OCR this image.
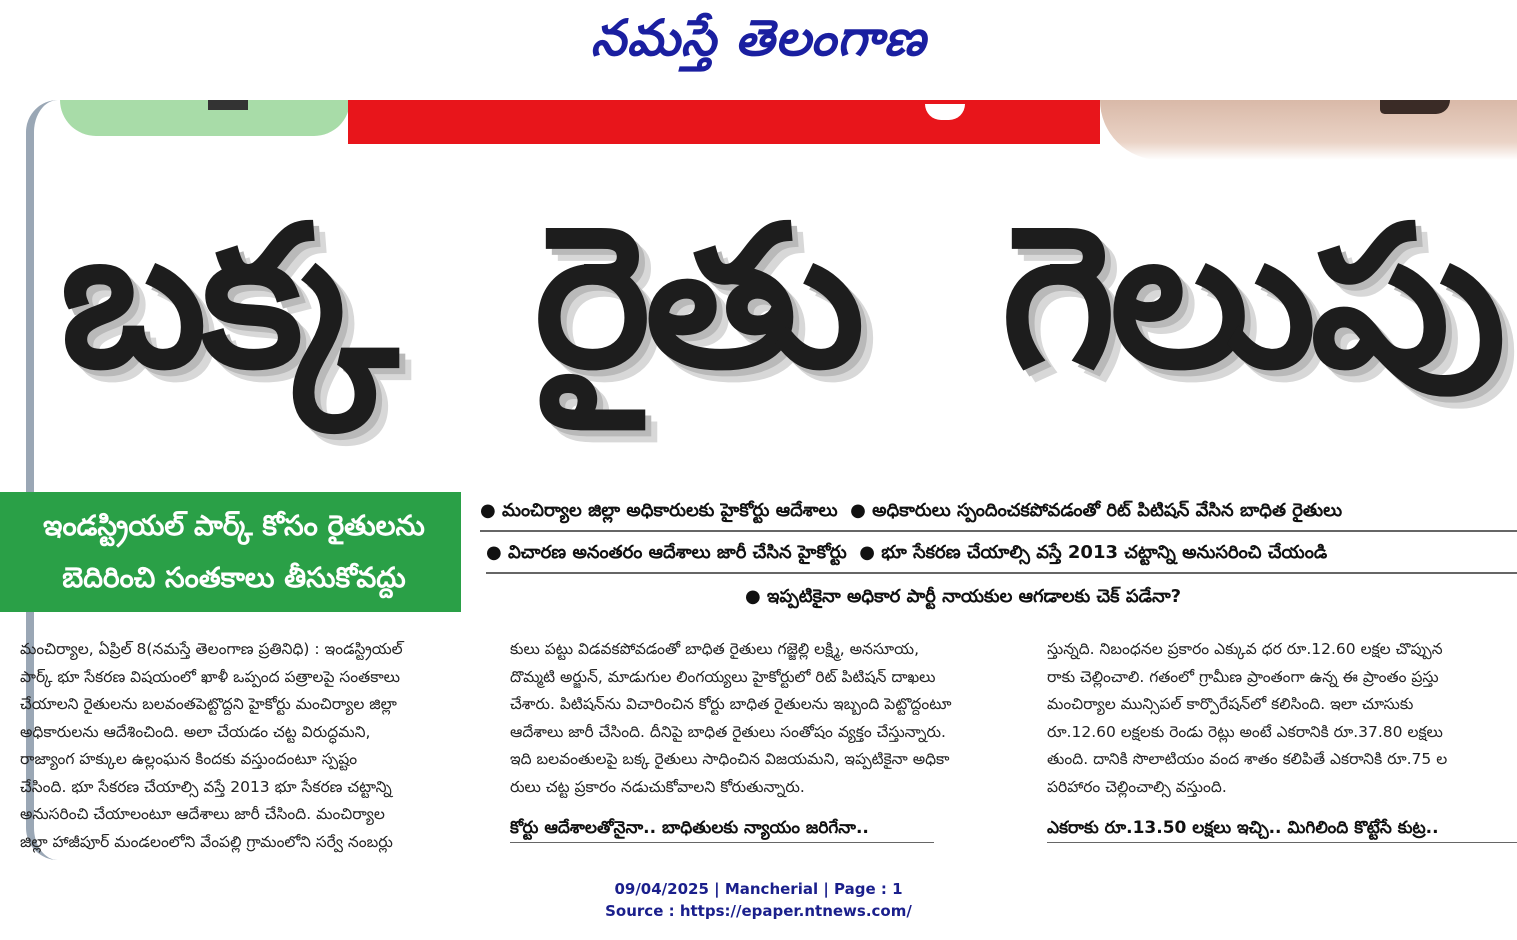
నమస్తే తెలంగాణ
బక్క రైతు గెలుపు
ఇండస్ట్రియల్ పార్క్ కోసం రైతులను
బెదిరించి సంతకాలు తీసుకోవద్దు
● మంచిర్యాల జిల్లా అధికారులకు హైకోర్టు ఆదేశాలు  ● అధికారులు స్పందించకపోవడంతో రిట్ పిటిషన్ వేసిన బాధిత రైతులు
● విచారణ అనంతరం ఆదేశాలు జారీ చేసిన హైకోర్టు  ● భూ సేకరణ చేయాల్సి వస్తే 2013 చట్టాన్ని అనుసరించి చేయండి
● ఇప్పటికైనా అధికార పార్టీ నాయకుల ఆగడాలకు చెక్ పడేనా?

మంచిర్యాల, ఏప్రిల్ 8(నమస్తే తెలంగాణ ప్రతినిధి) : ఇండస్ట్రియల్

పార్క్ భూ సేకరణ విషయంలో ఖాళీ ఒప్పంద పత్రాలపై సంతకాలు

చేయాలని రైతులను బలవంతపెట్టొద్దని హైకోర్టు మంచిర్యాల జిల్లా

అధికారులను ఆదేశించింది. అలా చేయడం చట్ట విరుద్ధమని,

రాజ్యాంగ హక్కుల ఉల్లంఘన కిందకు వస్తుందంటూ స్పష్టం

చేసింది. భూ సేకరణ చేయాల్సి వస్తే 2013 భూ సేకరణ చట్టాన్ని

అనుసరించి చేయాలంటూ ఆదేశాలు జారీ చేసింది. మంచిర్యాల

జిల్లా హాజీపూర్ మండలంలోని వేంపల్లి గ్రామంలోని సర్వే నంబర్లు

కులు పట్టు విడవకపోవడంతో బాధిత రైతులు గజ్జెల్లి లక్ష్మి, అనసూయ,

దొమ్మటి అర్జున్, మాడుగుల లింగయ్యలు హైకోర్టులో రిట్ పిటిషన్ దాఖలు

చేశారు. పిటిషన్‌ను విచారించిన కోర్టు బాధిత రైతులను ఇబ్బంది పెట్టొద్దంటూ

ఆదేశాలు జారీ చేసింది. దీనిపై బాధిత రైతులు సంతోషం వ్యక్తం చేస్తున్నారు.

ఇది బలవంతులపై బక్క రైతులు సాధించిన విజయమని, ఇప్పటికైనా అధికా

రులు చట్ట ప్రకారం నడుచుకోవాలని కోరుతున్నారు.

కోర్టు ఆదేశాలతోనైనా.. బాధితులకు న్యాయం జరిగేనా..

స్తున్నది. నిబంధనల ప్రకారం ఎక్కువ ధర రూ.12.60 లక్షల చొప్పున

రాకు చెల్లించాలి. గతంలో గ్రామీణ ప్రాంతంగా ఉన్న ఈ ప్రాంతం ప్రస్తు

మంచిర్యాల మున్సిపల్ కార్పొరేషన్‌లో కలిసింది. ఇలా చూసుకు

రూ.12.60 లక్షలకు రెండు రెట్లు అంటే ఎకరానికి రూ.37.80 లక్షలు

తుంది. దానికి సొలాటియం వంద శాతం కలిపితే ఎకరానికి రూ.75 ల

పరిహారం చెల్లించాల్సి వస్తుంది.

ఎకరాకు రూ.13.50 లక్షలు ఇచ్చి.. మిగిలింది కొట్టేసే కుట్ర..
09/04/2025 | Mancherial | Page : 1
Source : https://epaper.ntnews.com/
